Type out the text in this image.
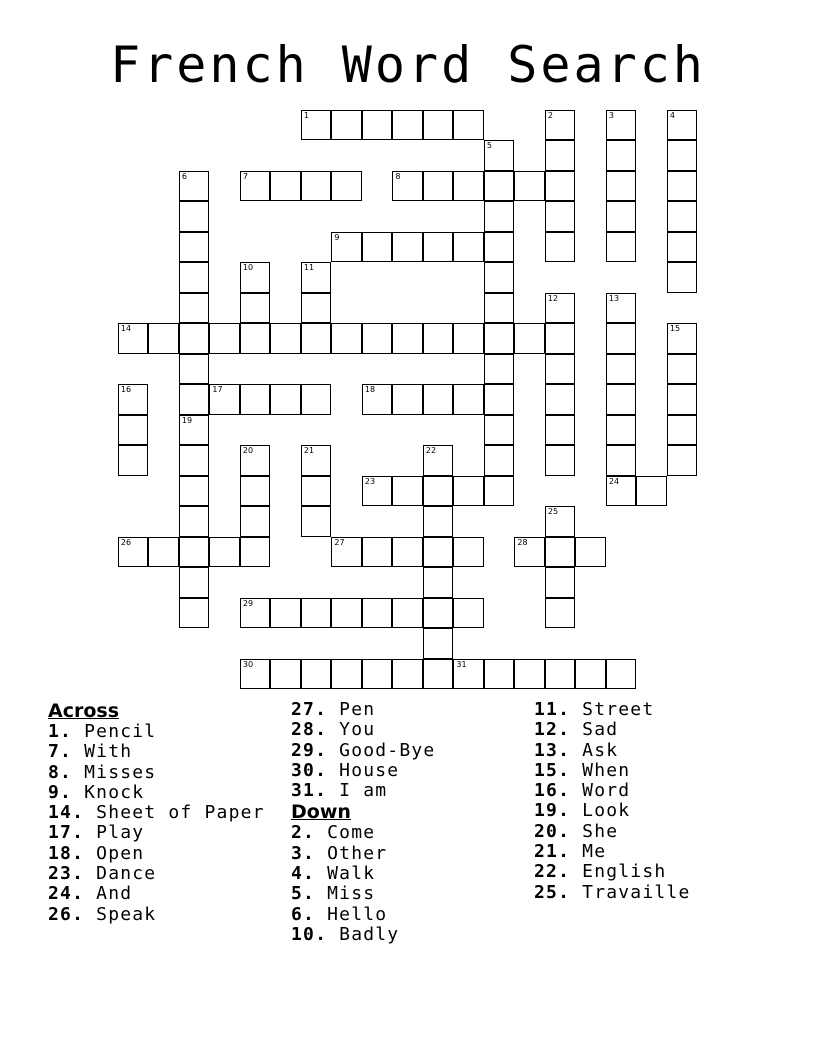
French Word Search
1	2	3	4
5
6	7	8
9
10	11
12	13
24
14	15
16	17	18
19
20	21	22
23
25
26	27	28
29
30	31
Across
1. Pencil
7. With
8. Misses
9. Knock
14. Sheet of Paper
17. Play
18. Open
23. Dance
24. And
26. Speak
27. Pen
28. You
29. Good-Bye
30. House
31. I am
Down
2. Come
3. Other
4. Walk
5. Miss
6. Hello
10. Badly
11. Street
12. Sad
13. Ask
15. When
16. Word
19. Look
20. She
21. Me
22. English
25. Travaille
